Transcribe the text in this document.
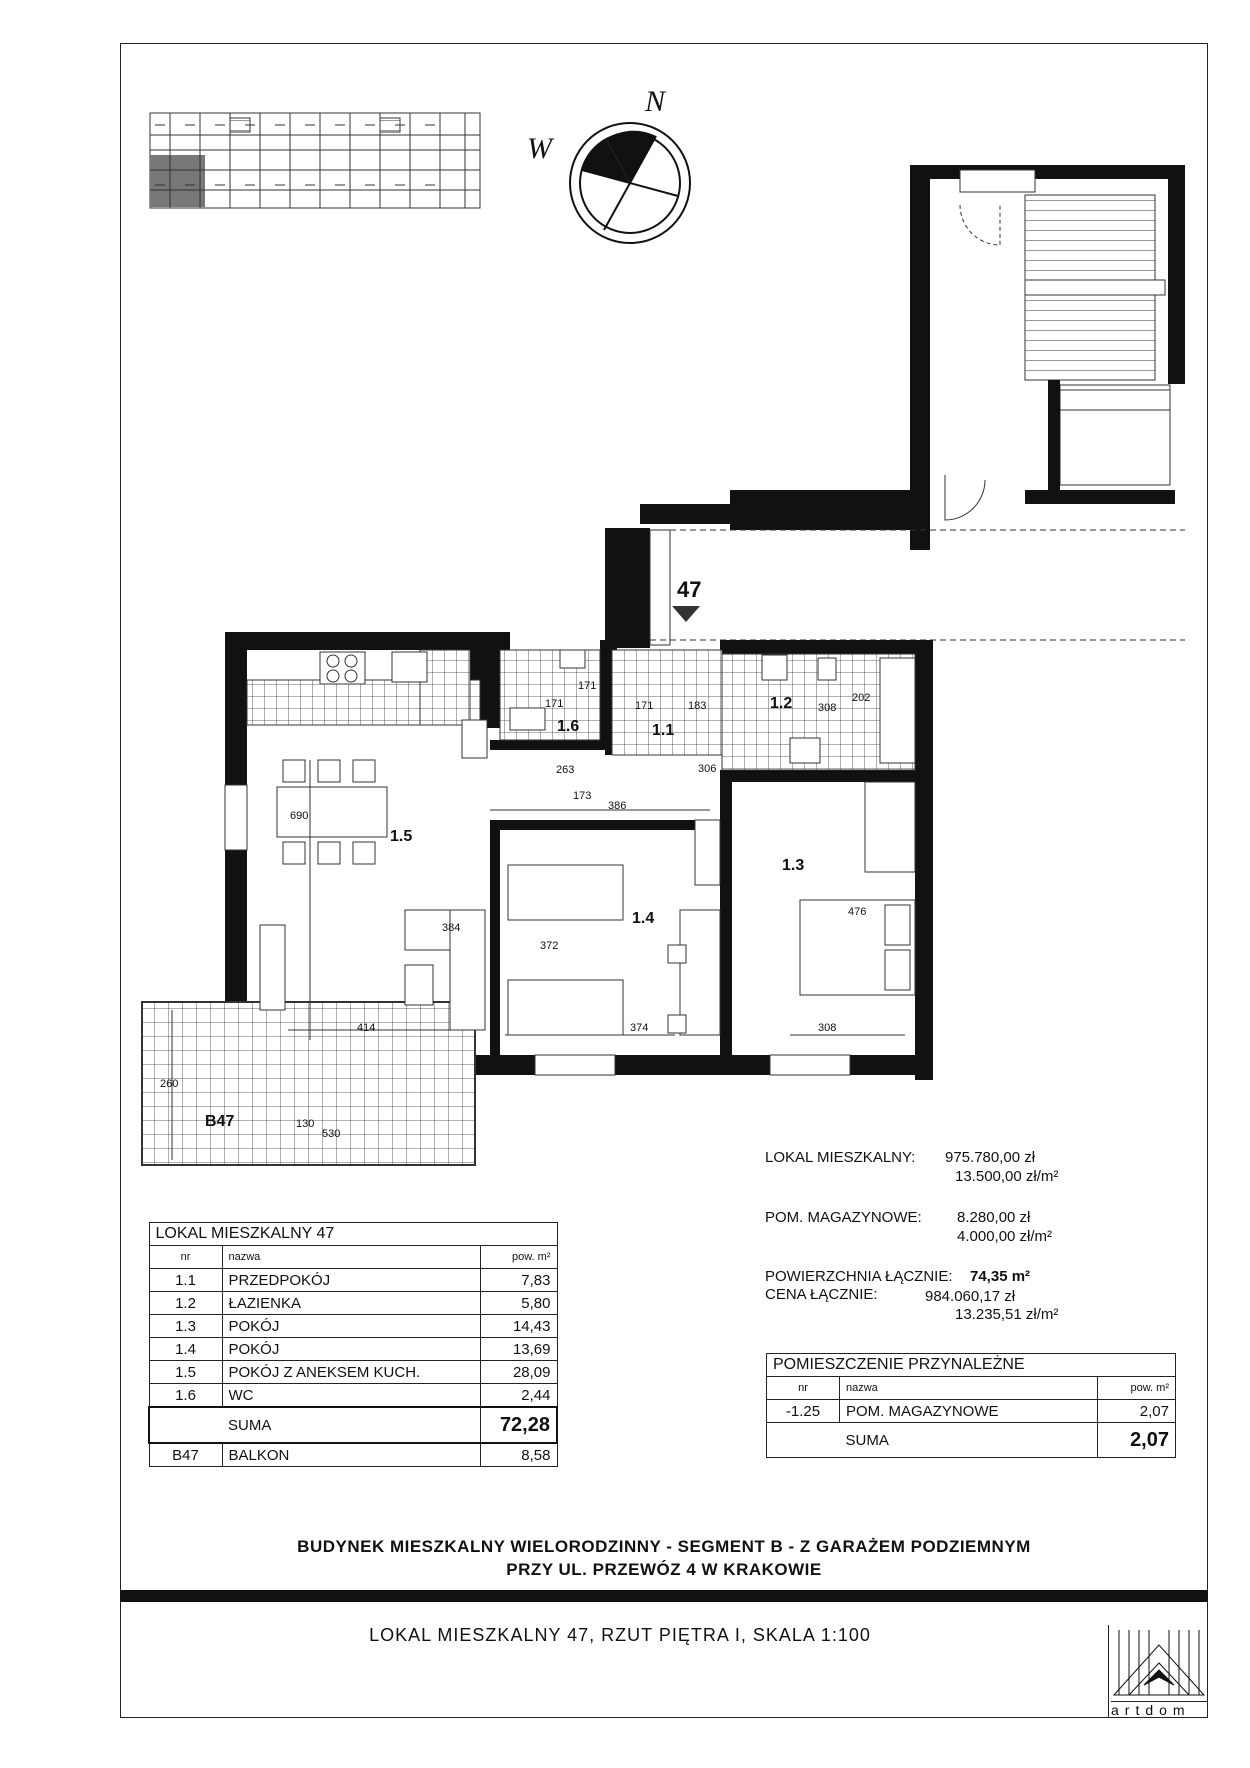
N
W
47
1.1
1.2
1.3
1.4
1.5
1.6
B47
263
386
306
173
690
384
372
476
414	374	308
530
260
130
183	308
202
171
171	171
LOKAL MIESZKALNY 47		
nr	nazwa	pow. m²
1.1	PRZEDPOKÓJ	7,83
1.2	ŁAZIENKA	5,80
1.3	POKÓJ	14,43
1.4	POKÓJ	13,69
1.5	POKÓJ Z ANEKSEM KUCH.	28,09
1.6	WC	2,44
	SUMA	72,28
B47	BALKON	8,58
LOKAL MIESZKALNY: 975.780,00 zł
13.500,00 zł/m²
POM. MAGAZYNOWE: 8.280,00 zł
4.000,00 zł/m²
POWIERZCHNIA ŁĄCZNIE: 74,35 m²
CENA ŁĄCZNIE:	984.060,17 zł
13.235,51 zł/m²
POMIESZCZENIE PRZYNALEŻNE		
nr	nazwa	pow. m²
-1.25	POM. MAGAZYNOWE	2,07
	SUMA	2,07
BUDYNEK MIESZKALNY WIELORODZINNY - SEGMENT B - Z GARAŻEM PODZIEMNYM
PRZY UL. PRZEWÓZ 4 W KRAKOWIE
LOKAL MIESZKALNY 47, RZUT PIĘTRA I, SKALA 1:100
artdom
